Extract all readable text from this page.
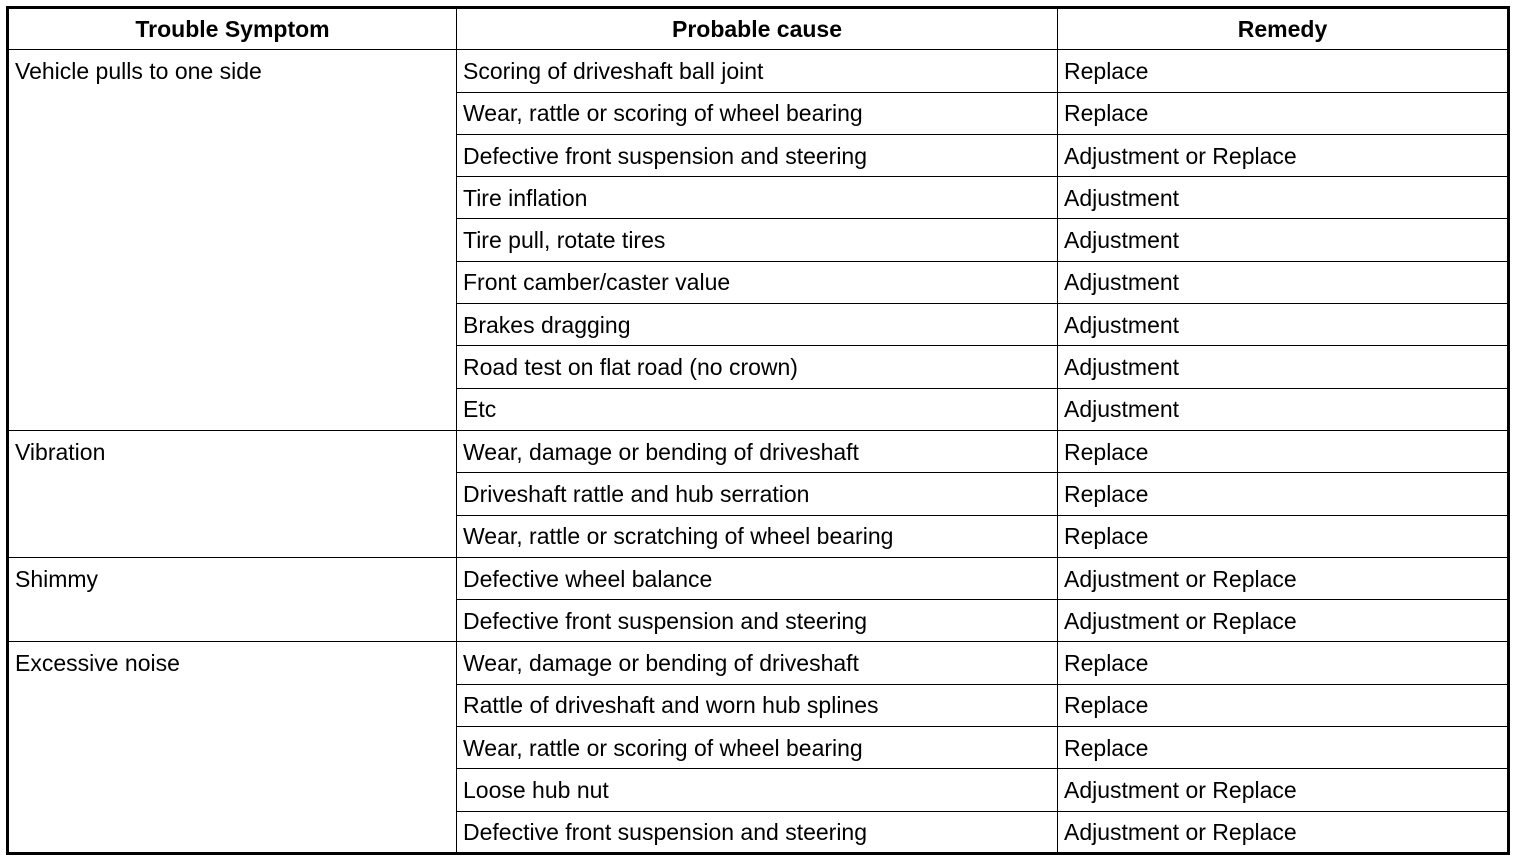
Trouble Symptom	Probable cause	Remedy
Vehicle pulls to one side	Scoring of driveshaft ball joint	Replace
	Wear, rattle or scoring of wheel bearing	Replace
	Defective front suspension and steering	Adjustment or Replace
	Tire inflation	Adjustment
	Tire pull, rotate tires	Adjustment
	Front camber/caster value	Adjustment
	Brakes dragging	Adjustment
	Road test on flat road (no crown)	Adjustment
	Etc	Adjustment
Vibration	Wear, damage or bending of driveshaft	Replace
	Driveshaft rattle and hub serration	Replace
	Wear, rattle or scratching of wheel bearing	Replace
Shimmy	Defective wheel balance	Adjustment or Replace
	Defective front suspension and steering	Adjustment or Replace
Excessive noise	Wear, damage or bending of driveshaft	Replace
	Rattle of driveshaft and worn hub splines	Replace
	Wear, rattle or scoring of wheel bearing	Replace
	Loose hub nut	Adjustment or Replace
	Defective front suspension and steering	Adjustment or Replace
